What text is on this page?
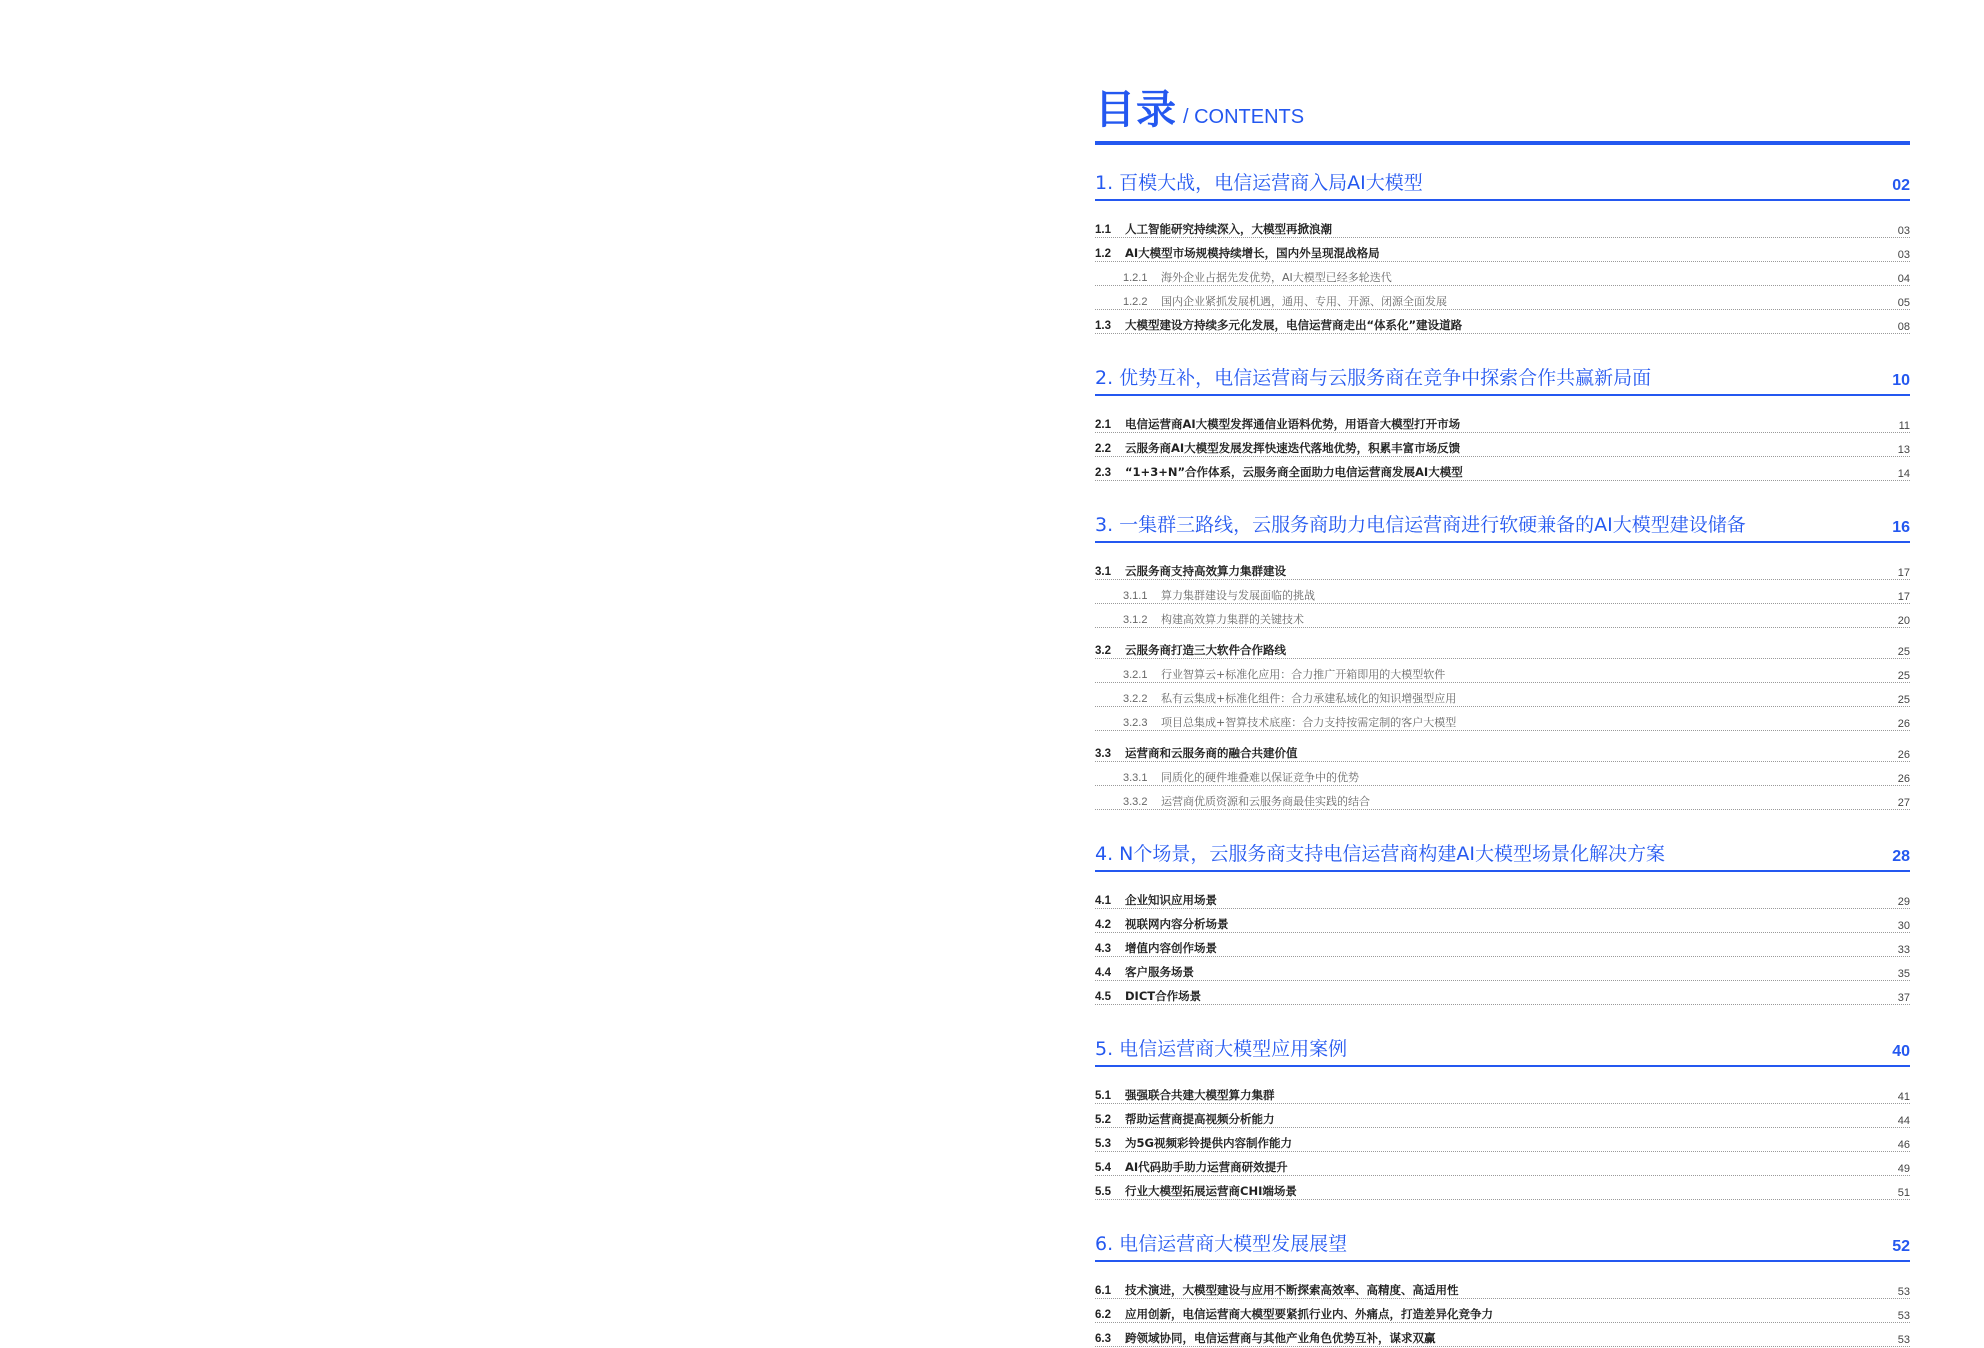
目录 / CONTENTS
1. 百模大战，电信运营商入局AI大模型	02
1.1 人工智能研究持续深入，大模型再掀浪潮	03
1.2 AI大模型市场规模持续增长，国内外呈现混战格局	03
1.2.1 海外企业占据先发优势，AI大模型已经多轮迭代	04
1.2.2 国内企业紧抓发展机遇，通用、专用、开源、闭源全面发展	05
1.3 大模型建设方持续多元化发展，电信运营商走出“体系化”建设道路	08
2. 优势互补，电信运营商与云服务商在竞争中探索合作共赢新局面	10
2.1 电信运营商AI大模型发挥通信业语料优势，用语音大模型打开市场	11
2.2 云服务商AI大模型发展发挥快速迭代落地优势，积累丰富市场反馈	13
2.3 “1+3+N”合作体系，云服务商全面助力电信运营商发展AI大模型	14
3. 一集群三路线，云服务商助力电信运营商进行软硬兼备的AI大模型建设储备	16
3.1 云服务商支持高效算力集群建设	17
3.1.1 算力集群建设与发展面临的挑战	17
3.1.2 构建高效算力集群的关键技术	20
3.2 云服务商打造三大软件合作路线	25
3.2.1 行业智算云+标准化应用：合力推广开箱即用的大模型软件	25
3.2.2 私有云集成+标准化组件：合力承建私域化的知识增强型应用	25
3.2.3 项目总集成+智算技术底座：合力支持按需定制的客户大模型	26
3.3 运营商和云服务商的融合共建价值	26
3.3.1 同质化的硬件堆叠难以保证竞争中的优势	26
3.3.2 运营商优质资源和云服务商最佳实践的结合	27
4. N个场景，云服务商支持电信运营商构建AI大模型场景化解决方案	28
4.1 企业知识应用场景	29
4.2 视联网内容分析场景	30
4.3 增值内容创作场景	33
4.4 客户服务场景	35
4.5 DICT合作场景	37
5. 电信运营商大模型应用案例	40
5.1 强强联合共建大模型算力集群	41
5.2 帮助运营商提高视频分析能力	44
5.3 为5G视频彩铃提供内容制作能力	46
5.4 AI代码助手助力运营商研效提升	49
5.5 行业大模型拓展运营商CHI端场景	51
6. 电信运营商大模型发展展望	52
6.1 技术演进，大模型建设与应用不断探索高效率、高精度、高适用性	53
6.2 应用创新，电信运营商大模型要紧抓行业内、外痛点，打造差异化竞争力	53
6.3 跨领域协同，电信运营商与其他产业角色优势互补，谋求双赢	53
